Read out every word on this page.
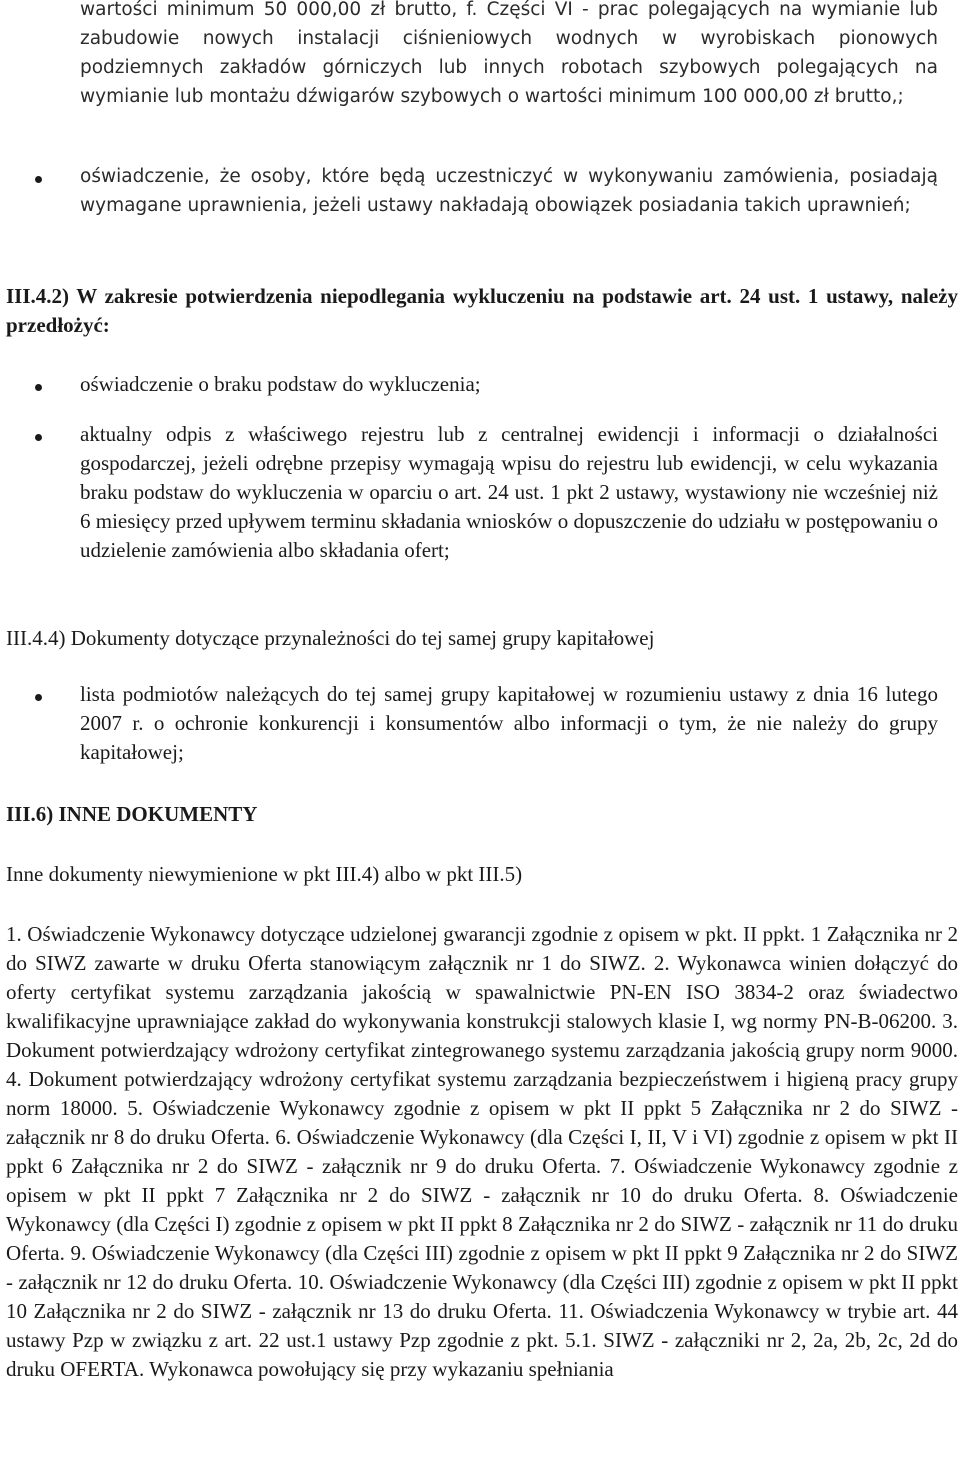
wartości minimum 50 000,00 zł brutto, f. Części VI - prac polegających na wymianie lub zabudowie nowych instalacji ciśnieniowych wodnych w wyrobiskach pionowych podziemnych zakładów górniczych lub innych robotach szybowych polegających na wymianie lub montażu dźwigarów szybowych o wartości minimum 100 000,00 zł brutto,;
oświadczenie, że osoby, które będą uczestniczyć w wykonywaniu zamówienia, posiadają wymagane uprawnienia, jeżeli ustawy nakładają obowiązek posiadania takich uprawnień;
III.4.2) W zakresie potwierdzenia niepodlegania wykluczeniu na podstawie art. 24 ust. 1 ustawy, należy przedłożyć:
oświadczenie o braku podstaw do wykluczenia;
aktualny odpis z właściwego rejestru lub z centralnej ewidencji i informacji o działalności gospodarczej, jeżeli odrębne przepisy wymagają wpisu do rejestru lub ewidencji, w celu wykazania braku podstaw do wykluczenia w oparciu o art. 24 ust. 1 pkt 2 ustawy, wystawiony nie wcześniej niż 6 miesięcy przed upływem terminu składania wniosków o dopuszczenie do udziału w postępowaniu o udzielenie zamówienia albo składania ofert;
III.4.4) Dokumenty dotyczące przynależności do tej samej grupy kapitałowej
lista podmiotów należących do tej samej grupy kapitałowej w rozumieniu ustawy z dnia 16 lutego 2007 r. o ochronie konkurencji i konsumentów albo informacji o tym, że nie należy do grupy kapitałowej;
III.6) INNE DOKUMENTY
Inne dokumenty niewymienione w pkt III.4) albo w pkt III.5)
1. Oświadczenie Wykonawcy dotyczące udzielonej gwarancji zgodnie z opisem w pkt. II ppkt. 1 Załącznika nr 2 do SIWZ zawarte w druku Oferta stanowiącym załącznik nr 1 do SIWZ. 2. Wykonawca winien dołączyć do oferty certyfikat systemu zarządzania jakością w spawalnictwie PN-EN ISO 3834-2 oraz świadectwo kwalifikacyjne uprawniające zakład do wykonywania konstrukcji stalowych klasie I, wg normy PN-B-06200. 3. Dokument potwierdzający wdrożony certyfikat zintegrowanego systemu zarządzania jakością grupy norm 9000. 4. Dokument potwierdzający wdrożony certyfikat systemu zarządzania bezpieczeństwem i higieną pracy grupy norm 18000. 5. Oświadczenie Wykonawcy zgodnie z opisem w pkt II ppkt 5 Załącznika nr 2 do SIWZ - załącznik nr 8 do druku Oferta. 6. Oświadczenie Wykonawcy (dla Części I, II, V i VI) zgodnie z opisem w pkt II ppkt 6 Załącznika nr 2 do SIWZ - załącznik nr 9 do druku Oferta. 7. Oświadczenie Wykonawcy zgodnie z opisem w pkt II ppkt 7 Załącznika nr 2 do SIWZ - załącznik nr 10 do druku Oferta. 8. Oświadczenie Wykonawcy (dla Części I) zgodnie z opisem w pkt II ppkt 8 Załącznika nr 2 do SIWZ - załącznik nr 11 do druku Oferta. 9. Oświadczenie Wykonawcy (dla Części III) zgodnie z opisem w pkt II ppkt 9 Załącznika nr 2 do SIWZ - załącznik nr 12 do druku Oferta. 10. Oświadczenie Wykonawcy (dla Części III) zgodnie z opisem w pkt II ppkt 10 Załącznika nr 2 do SIWZ - załącznik nr 13 do druku Oferta. 11. Oświadczenia Wykonawcy w trybie art. 44 ustawy Pzp w związku z art. 22 ust.1 ustawy Pzp zgodnie z pkt. 5.1. SIWZ - załączniki nr 2, 2a, 2b, 2c, 2d do druku OFERTA. Wykonawca powołujący się przy wykazaniu spełniania
